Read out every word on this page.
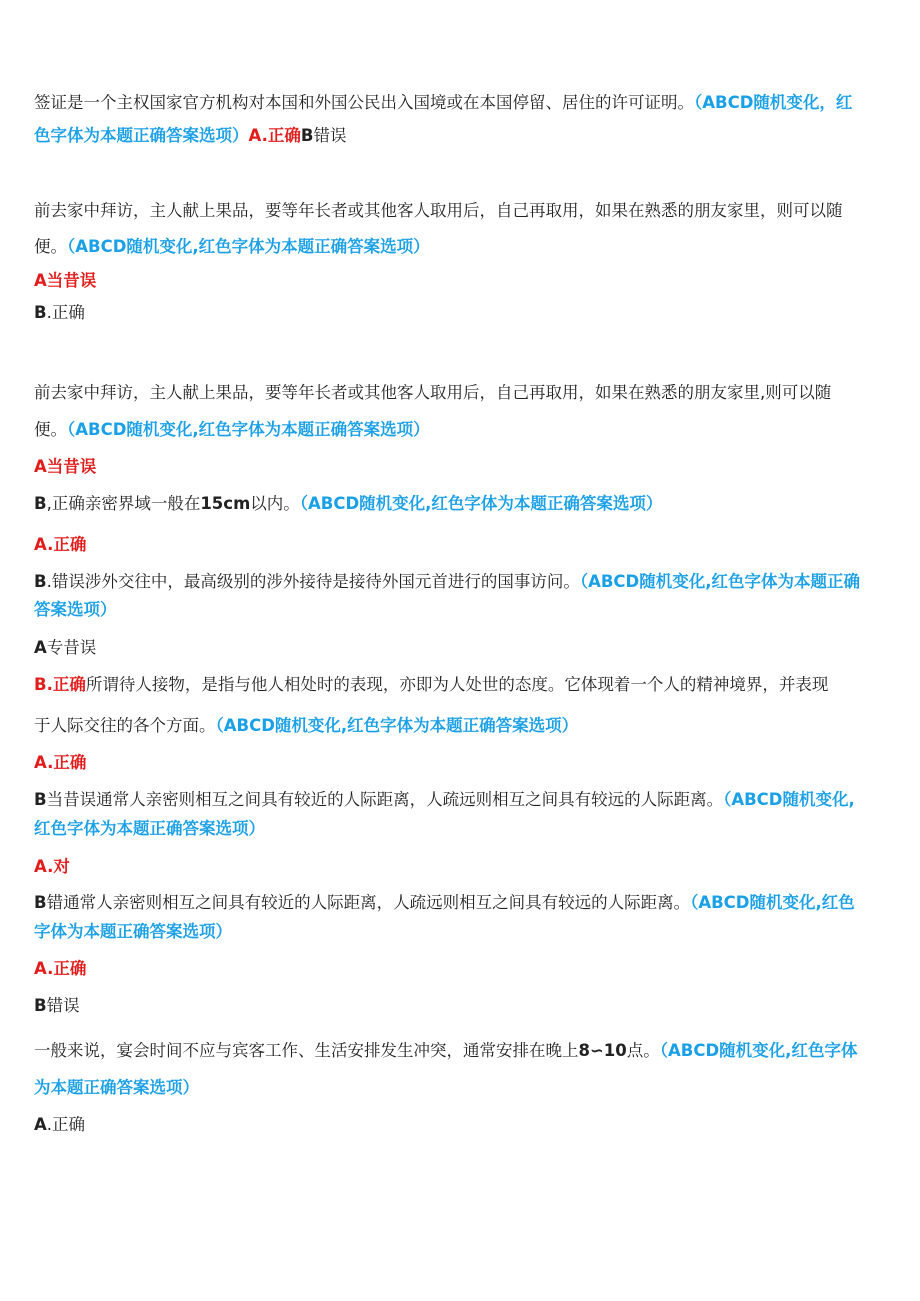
签证是一个主权国家官方机构对本国和外国公民出入国境或在本国停留、居住的许可证明。（ABCD随机变化，红
色字体为本题正确答案选项）A.正确B错误
前去家中拜访，主人献上果品，要等年长者或其他客人取用后，自己再取用，如果在熟悉的朋友家里，则可以随
便。（ABCD随机变化,红色字体为本题正确答案选项）
A当昔误
B.正确
前去家中拜访，主人献上果品，要等年长者或其他客人取用后，自己再取用，如果在熟悉的朋友家里,则可以随
便。（ABCD随机变化,红色字体为本题正确答案选项）
A当昔误
B,正确亲密界域一般在15cm以内。（ABCD随机变化,红色字体为本题正确答案选项）
A.正确
B.错误涉外交往中，最高级别的涉外接待是接待外国元首进行的国事访问。（ABCD随机变化,红色字体为本题正确
答案选项）
A专昔误
B.正确所谓待人接物，是指与他人相处时的表现，亦即为人处世的态度。它体现着一个人的精神境界，并表现
于人际交往的各个方面。（ABCD随机变化,红色字体为本题正确答案选项）
A.正确
B当昔误通常人亲密则相互之间具有较近的人际距离，人疏远则相互之间具有较远的人际距离。（ABCD随机变化,
红色字体为本题正确答案选项）
A.对
B错通常人亲密则相互之间具有较近的人际距离，人疏远则相互之间具有较远的人际距离。（ABCD随机变化,红色
字体为本题正确答案选项）
A.正确
B错误
一般来说，宴会时间不应与宾客工作、生活安排发生冲突，通常安排在晚上8∽10点。（ABCD随机变化,红色字体
为本题正确答案选项）
A.正确
